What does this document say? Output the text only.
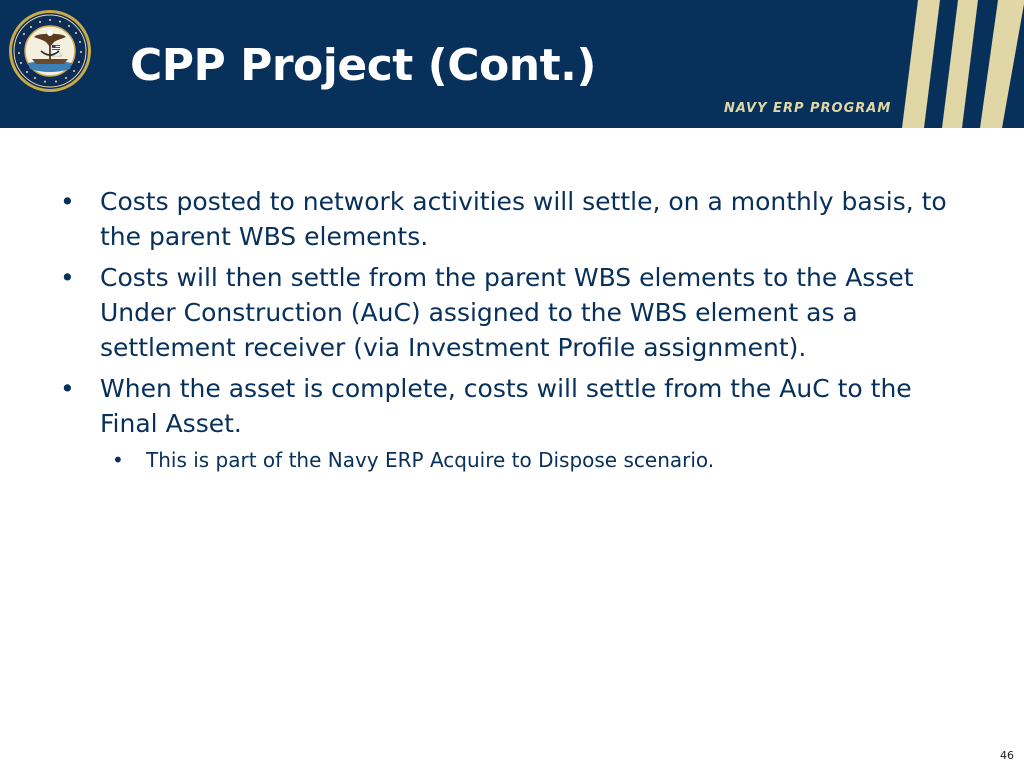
CPP Project (Cont.)
NAVY ERP PROGRAM
• Costs posted to network activities will settle, on a monthly basis, to the parent WBS elements.
• Costs will then settle from the parent WBS elements to the Asset Under Construction (AuC) assigned to the WBS element as a settlement receiver (via Investment Profile assignment).
• When the asset is complete, costs will settle from the AuC to the Final Asset.
•	This is part of the Navy ERP Acquire to Dispose scenario.
46
